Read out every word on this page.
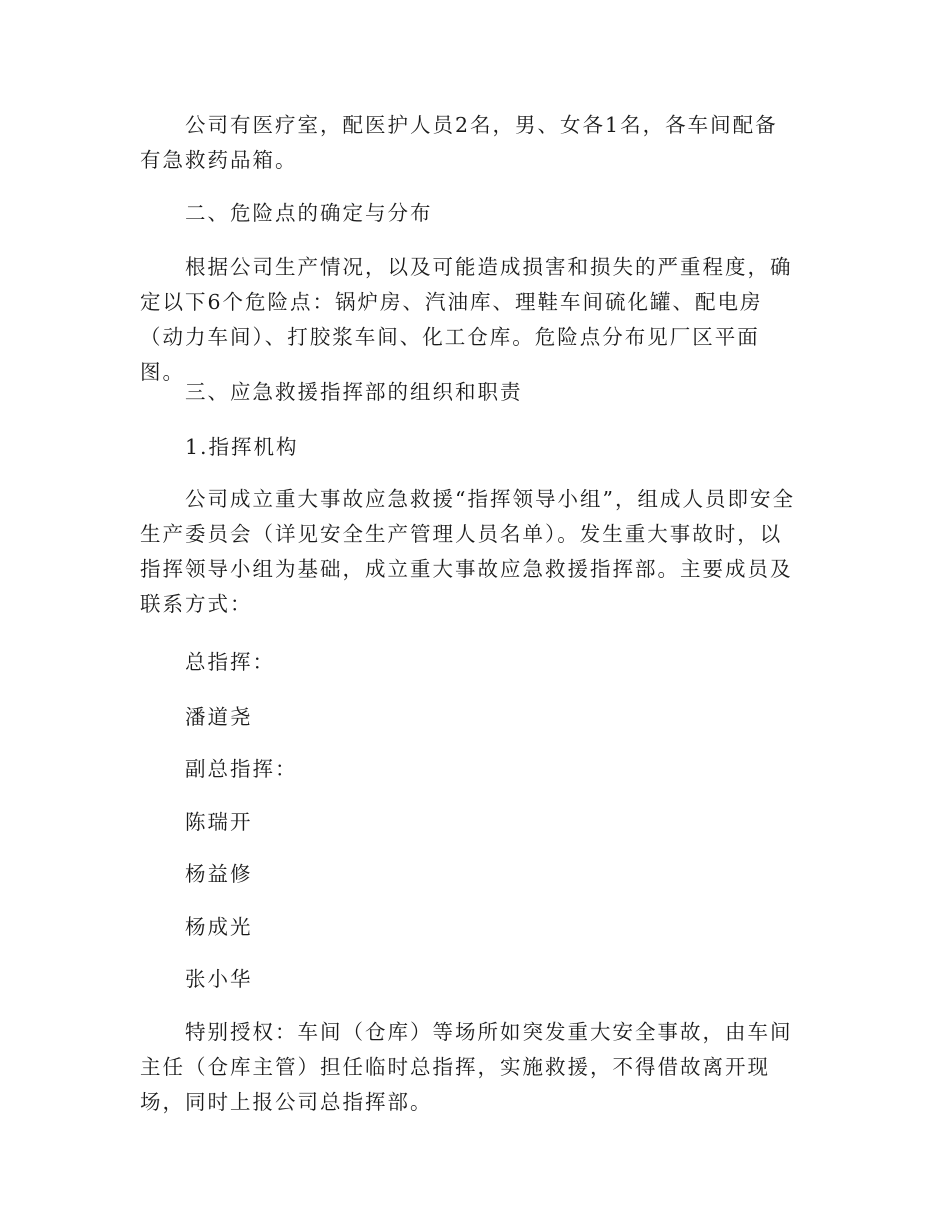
公司有医疗室，配医护人员2名，男、女各1名，各车间配备有急救药品箱。

二、危险点的确定与分布

根据公司生产情况，以及可能造成损害和损失的严重程度，确定以下6个危险点：锅炉房、汽油库、理鞋车间硫化罐、配电房（动力车间）、打胶浆车间、化工仓库。危险点分布见厂区平面图。

三、应急救援指挥部的组织和职责

1.指挥机构

公司成立重大事故应急救援“指挥领导小组”，组成人员即安全生产委员会（详见安全生产管理人员名单）。发生重大事故时，以指挥领导小组为基础，成立重大事故应急救援指挥部。主要成员及联系方式：

总指挥：

潘道尧

副总指挥：

陈瑞开

杨益修

杨成光

张小华

特别授权：车间（仓库）等场所如突发重大安全事故，由车间主任（仓库主管）担任临时总指挥，实施救援，不得借故离开现场，同时上报公司总指挥部。
